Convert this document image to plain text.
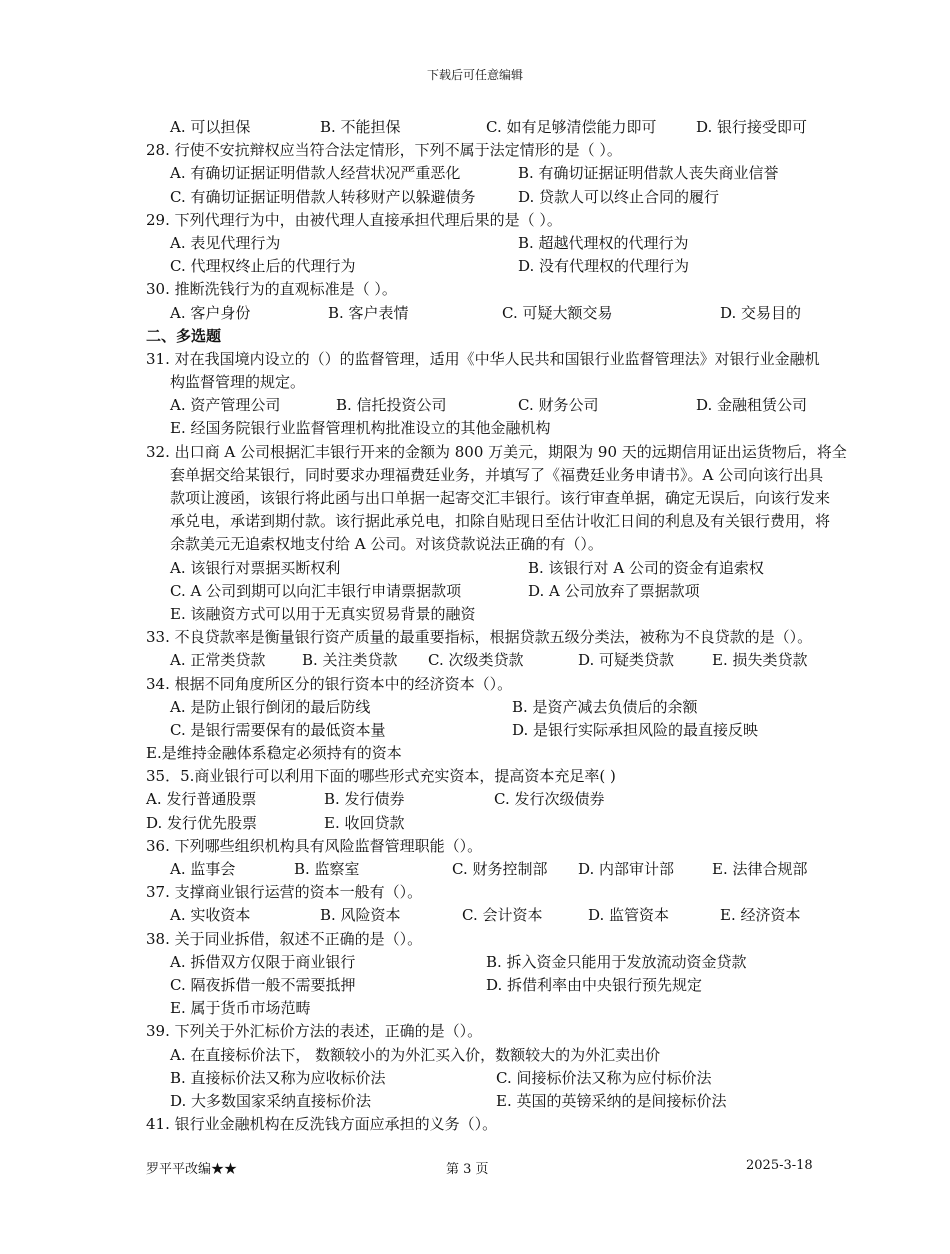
下载后可任意编辑
A. 可以担保	B. 不能担保	C. 如有足够清偿能力即可	D. 银行接受即可
28. 行使不安抗辩权应当符合法定情形，下列不属于法定情形的是（ ）。
A. 有确切证据证明借款人经营状况严重恶化	B. 有确切证据证明借款人丧失商业信誉
C. 有确切证据证明借款人转移财产以躲避债务	D. 贷款人可以终止合同的履行
29. 下列代理行为中，由被代理人直接承担代理后果的是（ ）。
A. 表见代理行为	B. 超越代理权的代理行为
C. 代理权终止后的代理行为	D. 没有代理权的代理行为
30. 推断洗钱行为的直观标准是（ ）。
A. 客户身份	B. 客户表情	C. 可疑大额交易	D. 交易目的
二、多选题
31. 对在我国境内设立的（）的监督管理，适用《中华人民共和国银行业监督管理法》对银行业金融机
构监督管理的规定。
A. 资产管理公司	B. 信托投资公司	C. 财务公司	D. 金融租赁公司
E. 经国务院银行业监督管理机构批准设立的其他金融机构
32. 出口商 A 公司根据汇丰银行开来的金额为 800 万美元，期限为 90 天的远期信用证出运货物后，将全
套单据交给某银行，同时要求办理福费廷业务，并填写了《福费廷业务申请书》。A 公司向该行出具
款项让渡函，该银行将此函与出口单据一起寄交汇丰银行。该行审查单据，确定无误后，向该行发来
承兑电，承诺到期付款。该行据此承兑电，扣除自贴现日至估计收汇日间的利息及有关银行费用，将
余款美元无追索权地支付给 A 公司。对该贷款说法正确的有（）。
A. 该银行对票据买断权利	B. 该银行对 A 公司的资金有追索权
C. A 公司到期可以向汇丰银行申请票据款项	D. A 公司放弃了票据款项
E. 该融资方式可以用于无真实贸易背景的融资
33. 不良贷款率是衡量银行资产质量的最重要指标，根据贷款五级分类法，被称为不良贷款的是（）。
A. 正常类贷款 B. 关注类贷款 C. 次级类贷款	D. 可疑类贷款	E. 损失类贷款
34. 根据不同角度所区分的银行资本中的经济资本（）。
A. 是防止银行倒闭的最后防线	B. 是资产减去负债后的余额
C. 是银行需要保有的最低资本量	D. 是银行实际承担风险的最直接反映
E.是维持金融体系稳定必须持有的资本
35．5.商业银行可以利用下面的哪些形式充实资本，提高资本充足率( )
A. 发行普通股票	B. 发行债券	C. 发行次级债券
D. 发行优先股票	E. 收回贷款
36. 下列哪些组织机构具有风险监督管理职能（）。
A. 监事会	B. 监察室	C. 财务控制部 D. 内部审计部	E. 法律合规部
37. 支撑商业银行运营的资本一般有（）。
A. 实收资本	B. 风险资本	C. 会计资本	D. 监管资本	E. 经济资本
38. 关于同业拆借，叙述不正确的是（）。
A. 拆借双方仅限于商业银行	B. 拆入资金只能用于发放流动资金贷款
C. 隔夜拆借一般不需要抵押	D. 拆借利率由中央银行预先规定
E. 属于货币市场范畴
39. 下列关于外汇标价方法的表述，正确的是（）。
A. 在直接标价法下， 数额较小的为外汇买入价，数额较大的为外汇卖出价
B. 直接标价法又称为应收标价法	C. 间接标价法又称为应付标价法
D. 大多数国家采纳直接标价法	E. 英国的英镑采纳的是间接标价法
41. 银行业金融机构在反洗钱方面应承担的义务（）。
罗平平改编★★	第 3 页	2025-3-18
